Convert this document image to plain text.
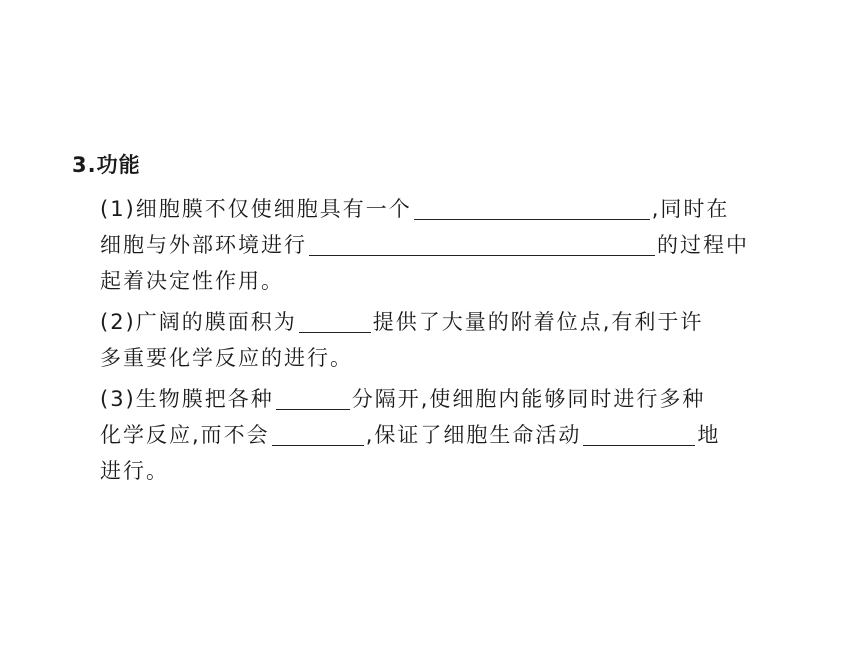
3.功能
(1)细胞膜不仅使细胞具有一个	,同时在
细胞与外部环境进行	的过程中
起着决定性作用。
(2)广阔的膜面积为	提供了大量的附着位点,有利于许
多重要化学反应的进行。
(3)生物膜把各种	分隔开,使细胞内能够同时进行多种
化学反应,而不会	,保证了细胞生命活动	地
进行。
